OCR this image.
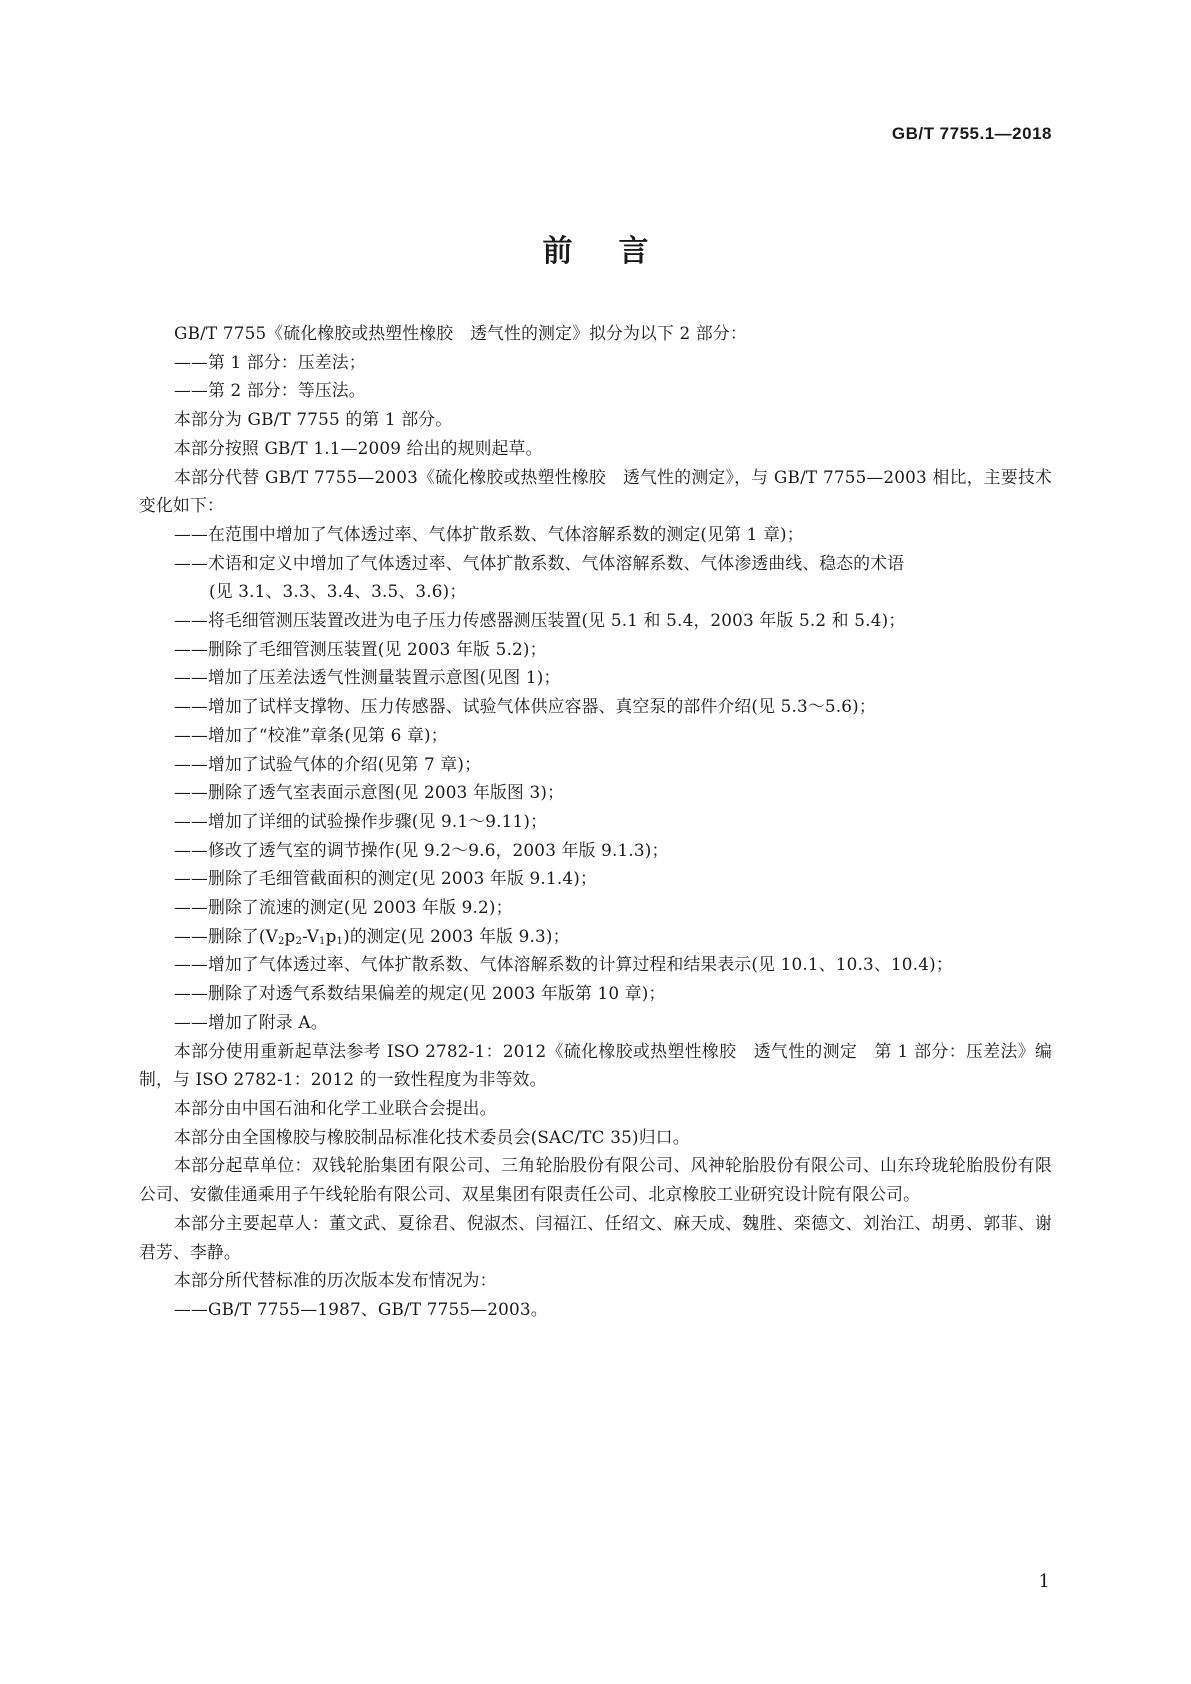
GB/T 7755.1—2018
前言

GB/T 7755《硫化橡胶或热塑性橡胶　透气性的测定》拟分为以下 2 部分：

——第 1 部分：压差法；

——第 2 部分：等压法。

本部分为 GB/T 7755 的第 1 部分。

本部分按照 GB/T 1.1—2009 给出的规则起草。

本部分代替 GB/T 7755—2003《硫化橡胶或热塑性橡胶　透气性的测定》，与 GB/T 7755—2003 相比，主要技术变化如下：

——在范围中增加了气体透过率、气体扩散系数、气体溶解系数的测定(见第 1 章)；

——术语和定义中增加了气体透过率、气体扩散系数、气体溶解系数、气体渗透曲线、稳态的术语
(见 3.1、3.3、3.4、3.5、3.6)；

——将毛细管测压装置改进为电子压力传感器测压装置(见 5.1 和 5.4，2003 年版 5.2 和 5.4)；

——删除了毛细管测压装置(见 2003 年版 5.2)；

——增加了压差法透气性测量装置示意图(见图 1)；

——增加了试样支撑物、压力传感器、试验气体供应容器、真空泵的部件介绍(见 5.3～5.6)；

——增加了“校准”章条(见第 6 章)；

——增加了试验气体的介绍(见第 7 章)；

——删除了透气室表面示意图(见 2003 年版图 3)；

——增加了详细的试验操作步骤(见 9.1～9.11)；

——修改了透气室的调节操作(见 9.2～9.6，2003 年版 9.1.3)；

——删除了毛细管截面积的测定(见 2003 年版 9.1.4)；

——删除了流速的测定(见 2003 年版 9.2)；

——删除了$(V_2p_2-V_1p_1)$的测定(见 2003 年版 9.3)；

——增加了气体透过率、气体扩散系数、气体溶解系数的计算过程和结果表示(见 10.1、10.3、10.4)；

——删除了对透气系数结果偏差的规定(见 2003 年版第 10 章)；

——增加了附录 A。

本部分使用重新起草法参考 ISO 2782-1：2012《硫化橡胶或热塑性橡胶　透气性的测定　第 1 部分：压差法》编制，与 ISO 2782-1：2012 的一致性程度为非等效。

本部分由中国石油和化学工业联合会提出。

本部分由全国橡胶与橡胶制品标准化技术委员会(SAC/TC 35)归口。

本部分起草单位：双钱轮胎集团有限公司、三角轮胎股份有限公司、风神轮胎股份有限公司、山东玲珑轮胎股份有限公司、安徽佳通乘用子午线轮胎有限公司、双星集团有限责任公司、北京橡胶工业研究设计院有限公司。

本部分主要起草人：董文武、夏徐君、倪淑杰、闫福江、任绍文、麻天成、魏胜、栾德文、刘治江、胡勇、郭菲、谢君芳、李静。

本部分所代替标准的历次版本发布情况为：

——GB/T 7755—1987、GB/T 7755—2003。

1
